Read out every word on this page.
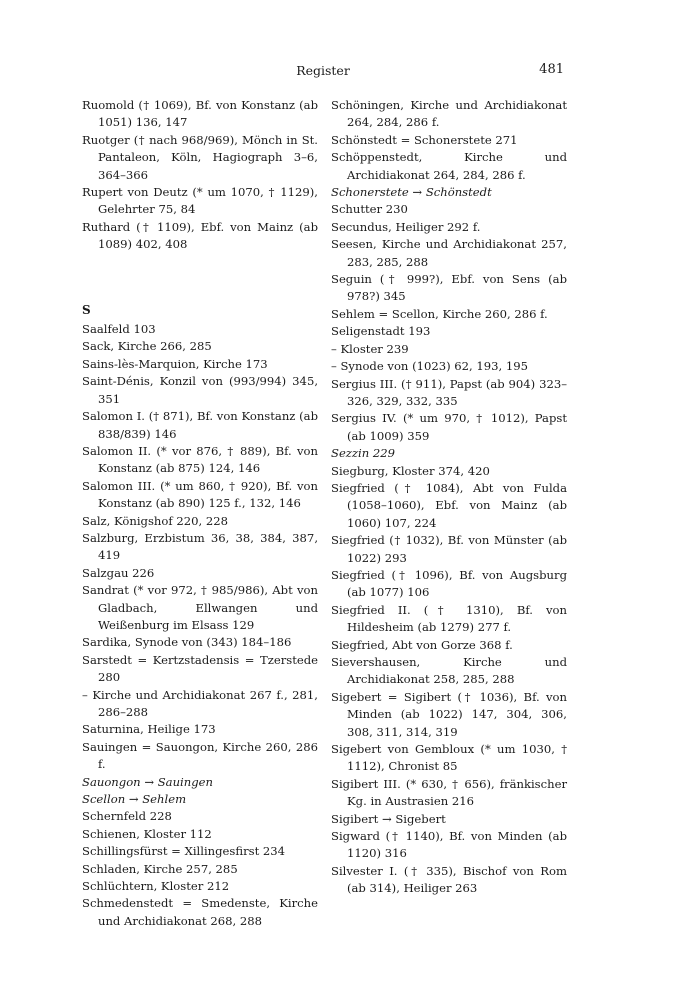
Register	481

Ruomold († 1069), Bf. von Konstanz (ab 1051) 136, 147

Ruotger († nach 968/969), Mönch in St. Pantaleon, Köln, Hagiograph 3–6, 364–366

Rupert von Deutz (* um 1070, † 1129), Gelehrter 75, 84

Ruthard († 1109), Ebf. von Mainz (ab 1089) 402, 408

S

Saalfeld 103

Sack, Kirche 266, 285

Sains-lès-Marquion, Kirche 173

Saint-Dénis, Konzil von (993/994) 345, 351

Salomon I. († 871), Bf. von Konstanz (ab 838/839) 146

Salomon II. (* vor 876, † 889), Bf. von Konstanz (ab 875) 124, 146

Salomon III. (* um 860, † 920), Bf. von Konstanz (ab 890) 125 f., 132, 146

Salz, Königshof 220, 228

Salzburg, Erzbistum 36, 38, 384, 387, 419

Salzgau 226

Sandrat (* vor 972, † 985/986), Abt von Gladbach, Ellwangen und Weißenburg im Elsass 129

Sardika, Synode von (343) 184–186

Sarstedt = Kertzstadensis = Tzerstede 280

– Kirche und Archidiakonat 267 f., 281, 286–288

Saturnina, Heilige 173

Sauingen = Sauongon, Kirche 260, 286 f.

Sauongon → Sauingen

Scellon → Sehlem

Schernfeld 228

Schienen, Kloster 112

Schillingsfürst = Xillingesfirst 234

Schladen, Kirche 257, 285

Schlüchtern, Kloster 212

Schmedenstedt = Smedenste, Kirche und Archidiakonat 268, 288

Schöningen, Kirche und Archidiakonat 264, 284, 286 f.

Schönstedt = Schonerstete 271

Schöppenstedt, Kirche und Archidiakonat 264, 284, 286 f.

Schonerstete → Schönstedt

Schutter 230

Secundus, Heiliger 292 f.

Seesen, Kirche und Archidiakonat 257, 283, 285, 288

Seguin († 999?), Ebf. von Sens (ab 978?) 345

Sehlem = Scellon, Kirche 260, 286 f.

Seligenstadt 193

– Kloster 239

– Synode von (1023) 62, 193, 195

Sergius III. († 911), Papst (ab 904) 323–326, 329, 332, 335

Sergius IV. (* um 970, † 1012), Papst (ab 1009) 359

Sezzin 229

Siegburg, Kloster 374, 420

Siegfried († 1084), Abt von Fulda (1058–1060), Ebf. von Mainz (ab 1060) 107, 224

Siegfried († 1032), Bf. von Münster (ab 1022) 293

Siegfried († 1096), Bf. von Augsburg (ab 1077) 106

Siegfried II. († 1310), Bf. von Hildesheim (ab 1279) 277 f.

Siegfried, Abt von Gorze 368 f.

Sievershausen, Kirche und Archidiakonat 258, 285, 288

Sigebert = Sigibert († 1036), Bf. von Minden (ab 1022) 147, 304, 306, 308, 311, 314, 319

Sigebert von Gembloux (* um 1030, † 1112), Chronist 85

Sigibert III. (* 630, † 656), fränkischer Kg. in Austrasien 216

Sigibert → Sigebert

Sigward († 1140), Bf. von Minden (ab 1120) 316

Silvester I. († 335), Bischof von Rom (ab 314), Heiliger 263
